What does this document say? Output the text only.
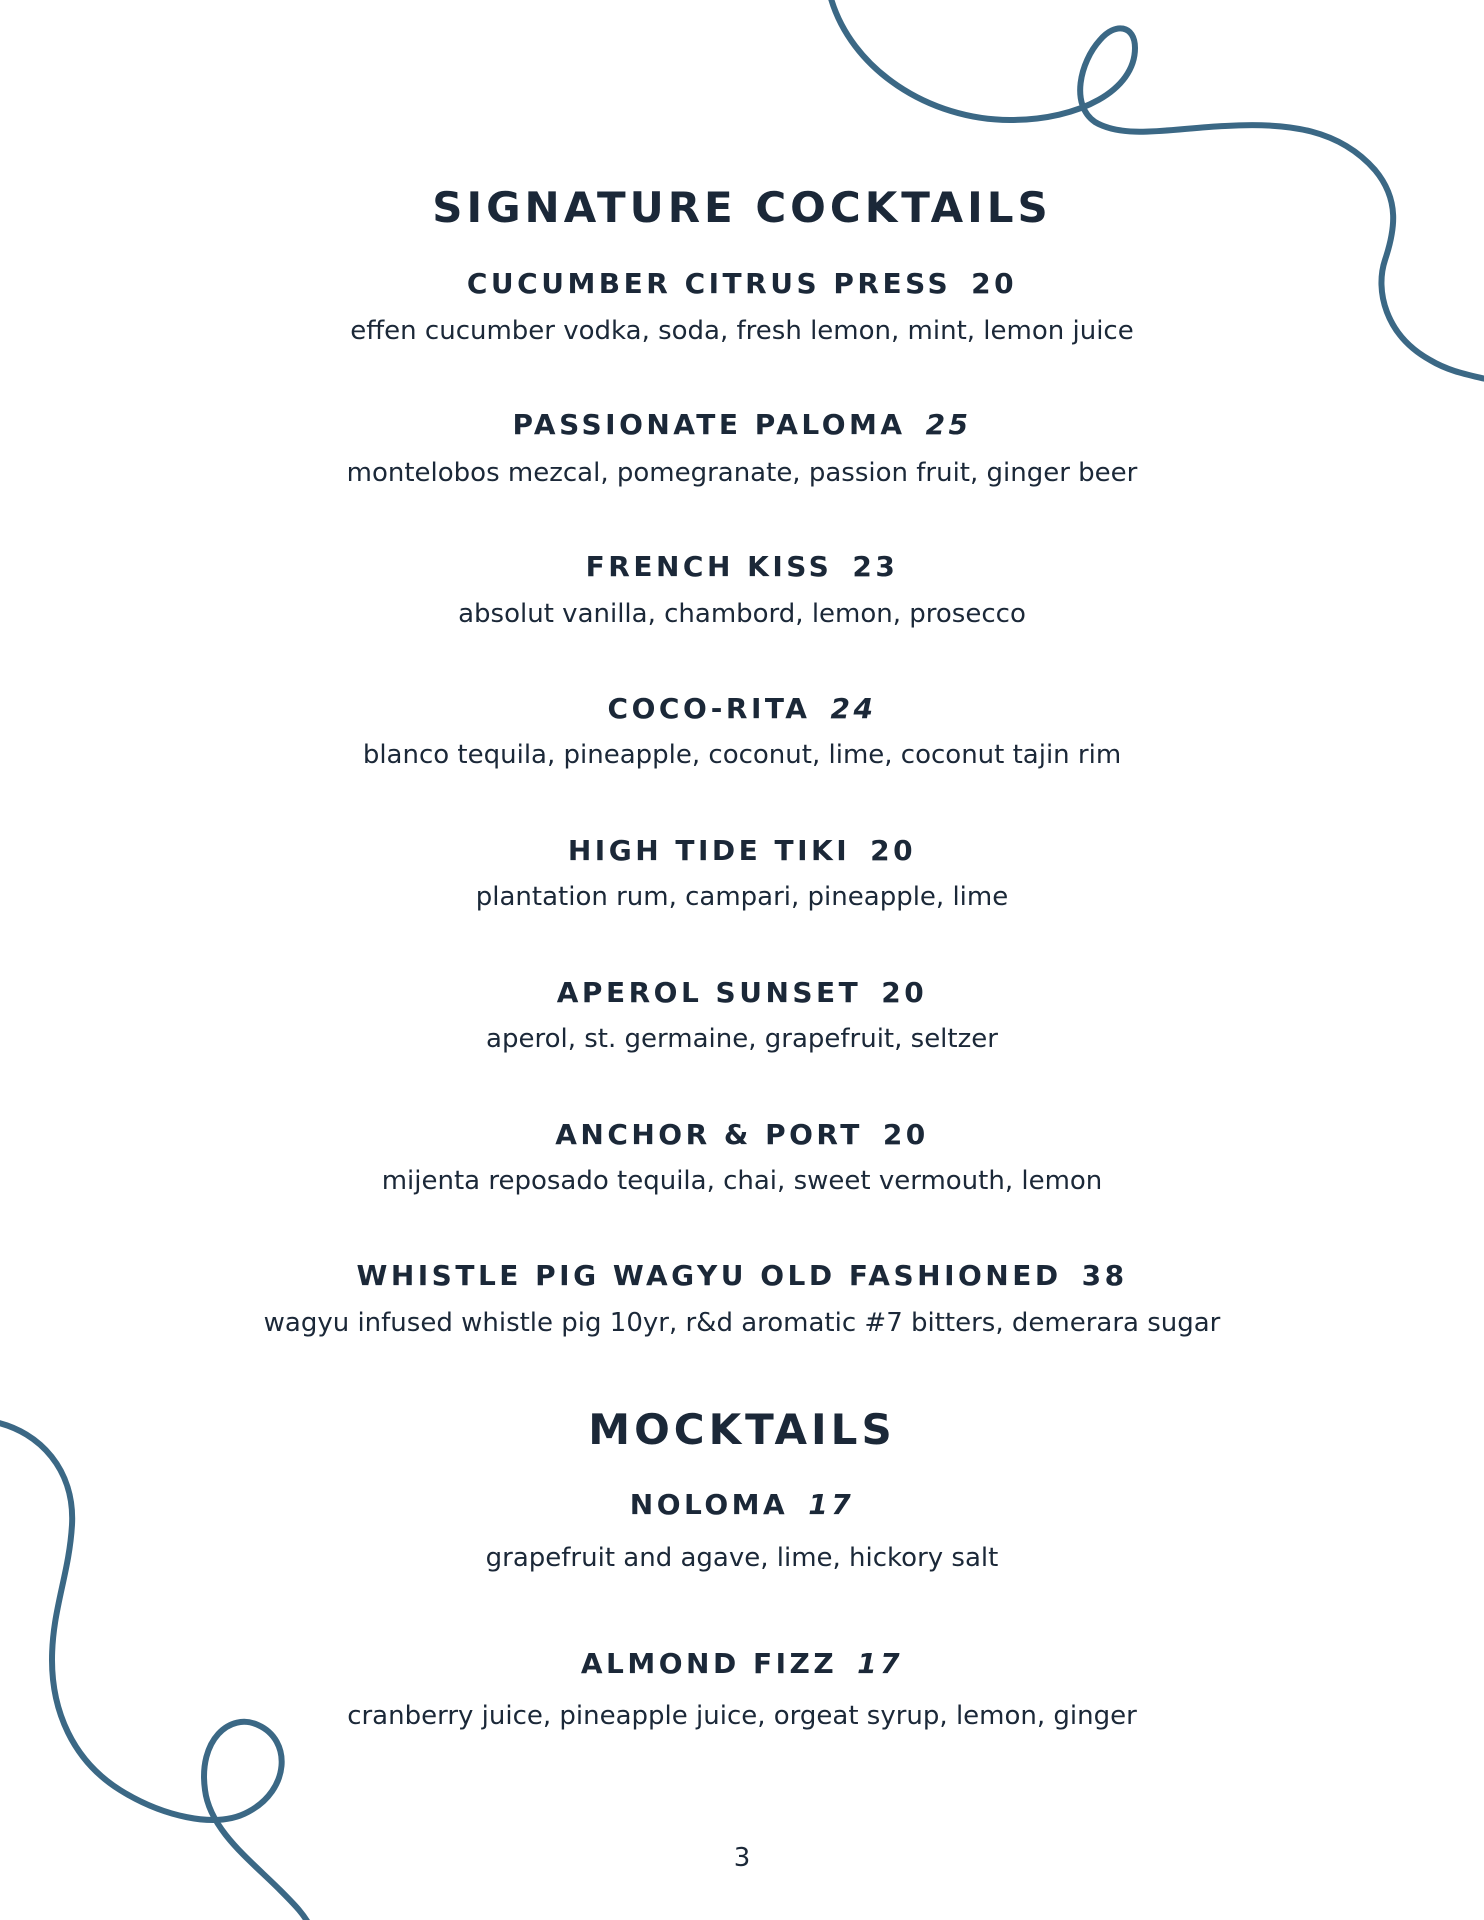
SIGNATURE COCKTAILS
CUCUMBER CITRUS PRESS 20
effen cucumber vodka, soda, fresh lemon, mint, lemon juice
PASSIONATE PALOMA 25
montelobos mezcal, pomegranate, passion fruit, ginger beer
FRENCH KISS 23
absolut vanilla, chambord, lemon, prosecco
COCO-RITA 24
blanco tequila, pineapple, coconut, lime, coconut tajin rim
HIGH TIDE TIKI 20
plantation rum, campari, pineapple, lime
APEROL SUNSET 20
aperol, st. germaine, grapefruit, seltzer
ANCHOR & PORT 20
mijenta reposado tequila, chai, sweet vermouth, lemon
WHISTLE PIG WAGYU OLD FASHIONED 38
wagyu infused whistle pig 10yr, r&d aromatic #7 bitters, demerara sugar
MOCKTAILS
NOLOMA 17
grapefruit and agave, lime, hickory salt
ALMOND FIZZ 17
cranberry juice, pineapple juice, orgeat syrup, lemon, ginger
3
